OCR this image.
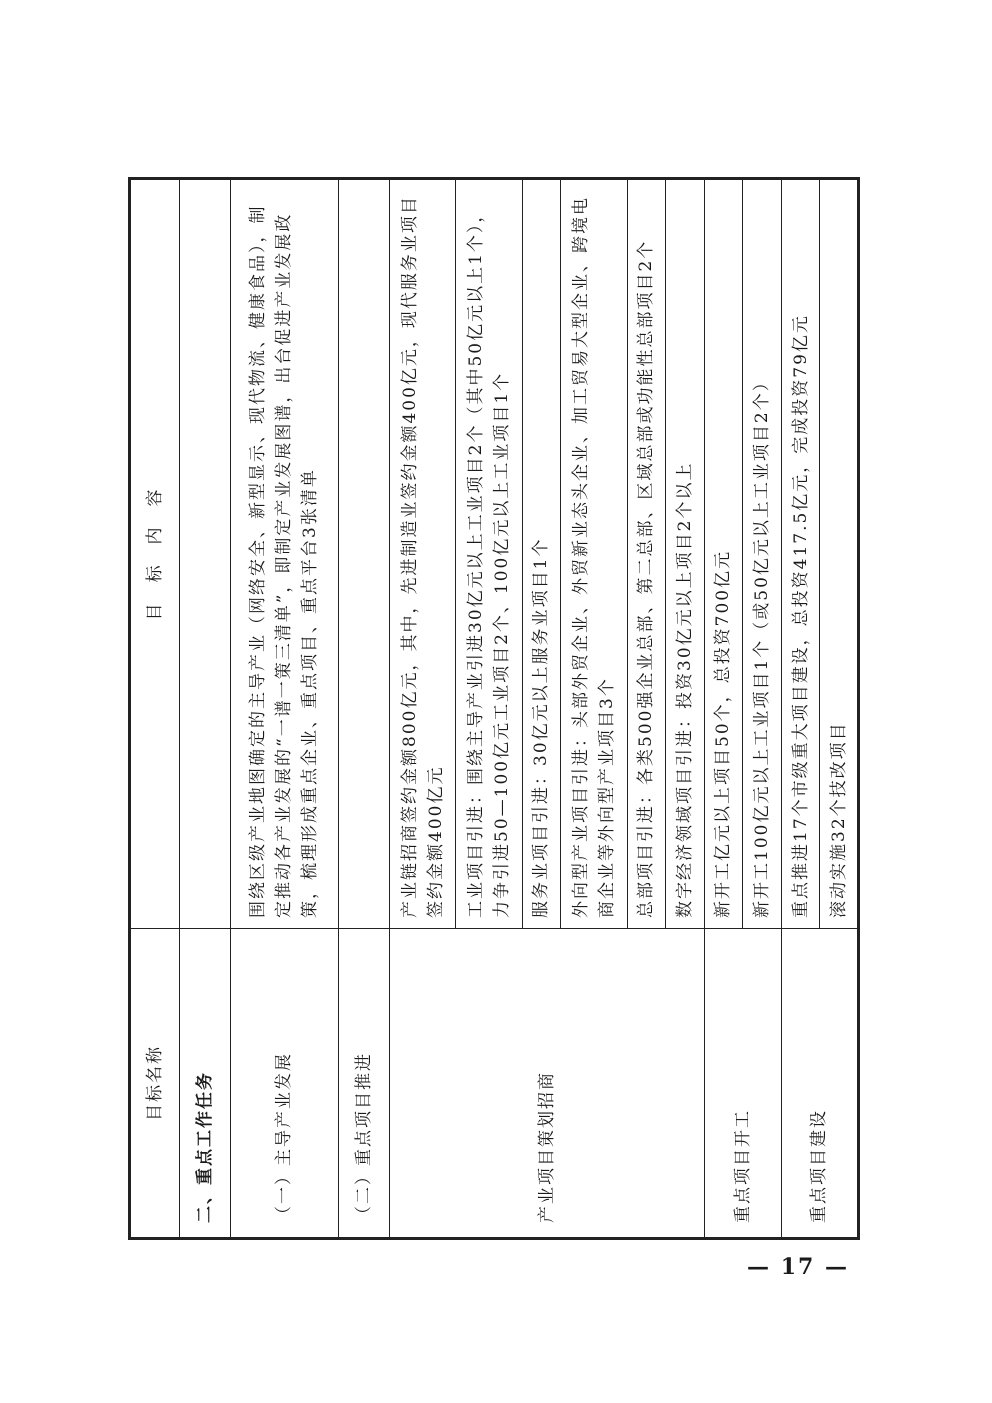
目标名称	目　标　内　容
二、重点工作任务	
（一）主导产业发展	围绕区级产业地图确定的主导产业（网络安全、新型显示、现代物流、健康食品），制定推动各产业发展的“一谱一策三清单”，即制定产业发展图谱，出台促进产业发展政策，梳理形成重点企业、重点项目、重点平台3张清单
（二）重点项目推进	
产业项目策划招商	产业链招商签约金额800亿元，其中，先进制造业签约金额400亿元，现代服务业项目签约金额400亿元
	工业项目引进：围绕主导产业引进30亿元以上工业项目2个（其中50亿元以上1个），力争引进50—100亿元工业项目2个、100亿元以上工业项目1个
	服务业项目引进：30亿元以上服务业项目1个
	外向型产业项目引进：头部外贸企业、外贸新业态头企业、加工贸易大型企业、跨境电商企业等外向型产业项目3个
	总部项目引进：各类500强企业总部、第二总部、区域总部或功能性总部项目2个
	数字经济领域项目引进：投资30亿元以上项目2个以上
重点项目开工	新开工亿元以上项目50个，总投资700亿元
	新开工100亿元以上工业项目1个（或50亿元以上工业项目2个）
重点项目建设	重点推进17个市级重大项目建设，总投资417.5亿元，完成投资79亿元
	滚动实施32个技改项目
— 17 —
